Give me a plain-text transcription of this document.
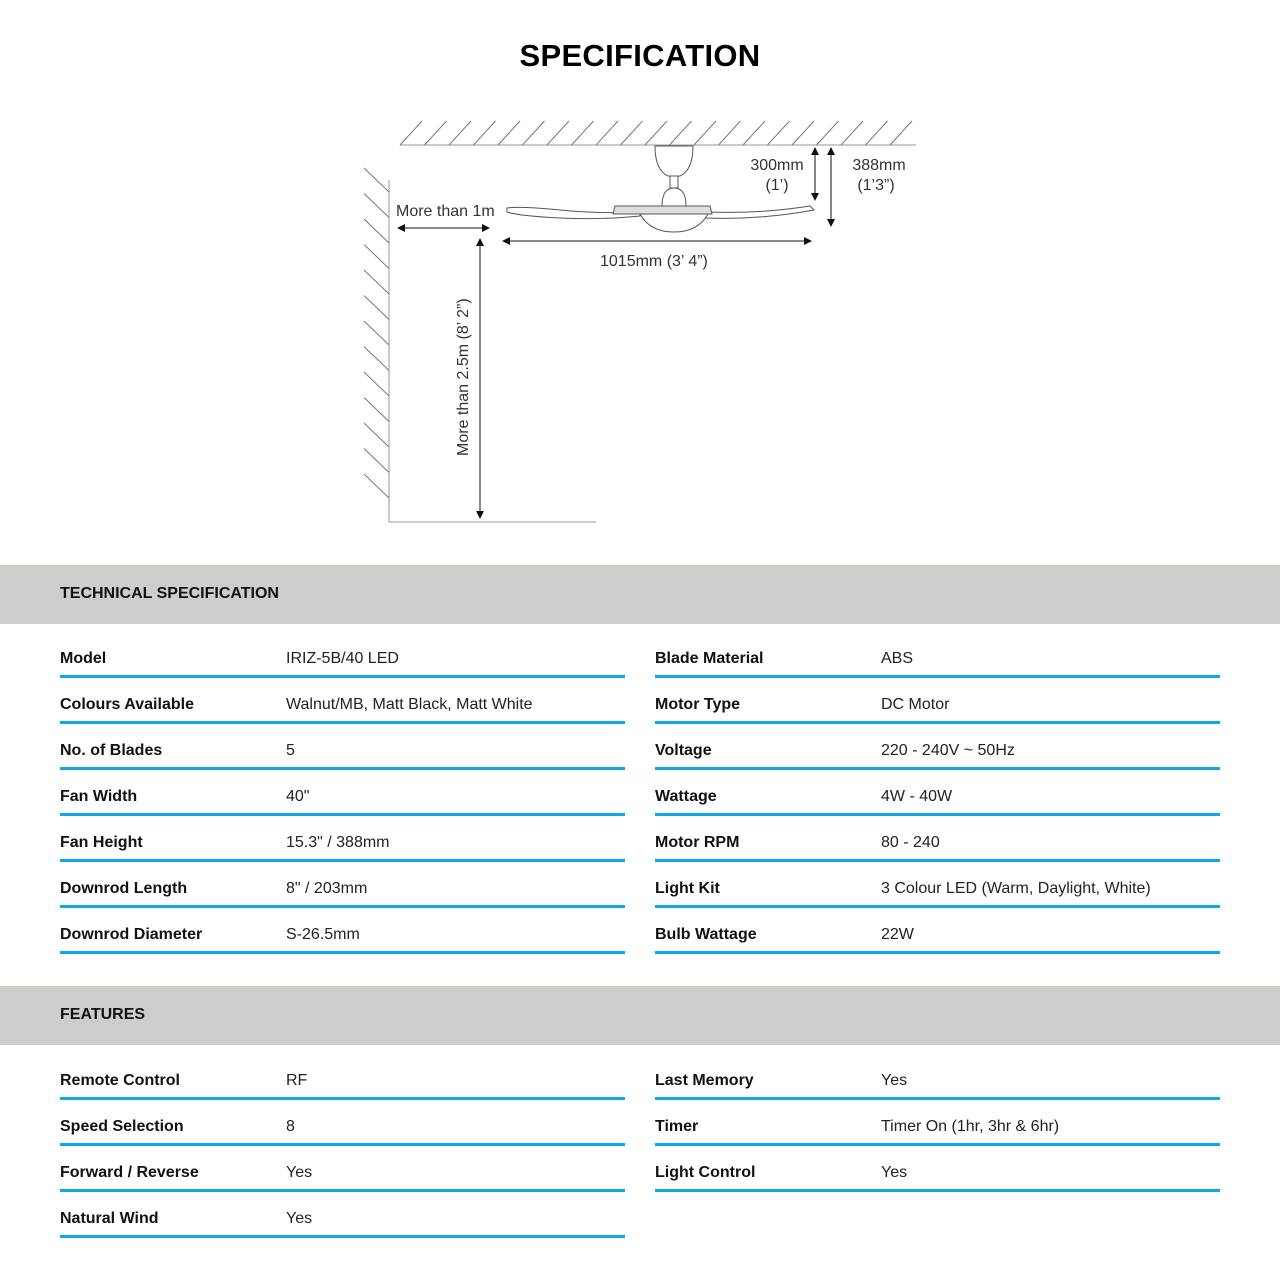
SPECIFICATION
More than 1m
More than 2.5m (8’ 2”)
1015mm (3’ 4”)
300mm
(1’)
388mm
(1’3”)
TECHNICAL SPECIFICATION
Model	IRIZ-5B/40 LED
Colours Available	Walnut/MB, Matt Black, Matt White
No. of Blades	5
Fan Width	40"
Fan Height	15.3" / 388mm
Downrod Length	8" / 203mm
Downrod Diameter	S-26.5mm
Blade Material	ABS
Motor Type	DC Motor
Voltage	220 - 240V ~ 50Hz
Wattage	4W - 40W
Motor RPM	80 - 240
Light Kit	3 Colour LED (Warm, Daylight, White)
Bulb Wattage	22W
FEATURES
Remote Control	RF
Speed Selection	8
Forward / Reverse	Yes
Natural Wind	Yes
Last Memory	Yes
Timer	Timer On (1hr, 3hr & 6hr)
Light Control	Yes
